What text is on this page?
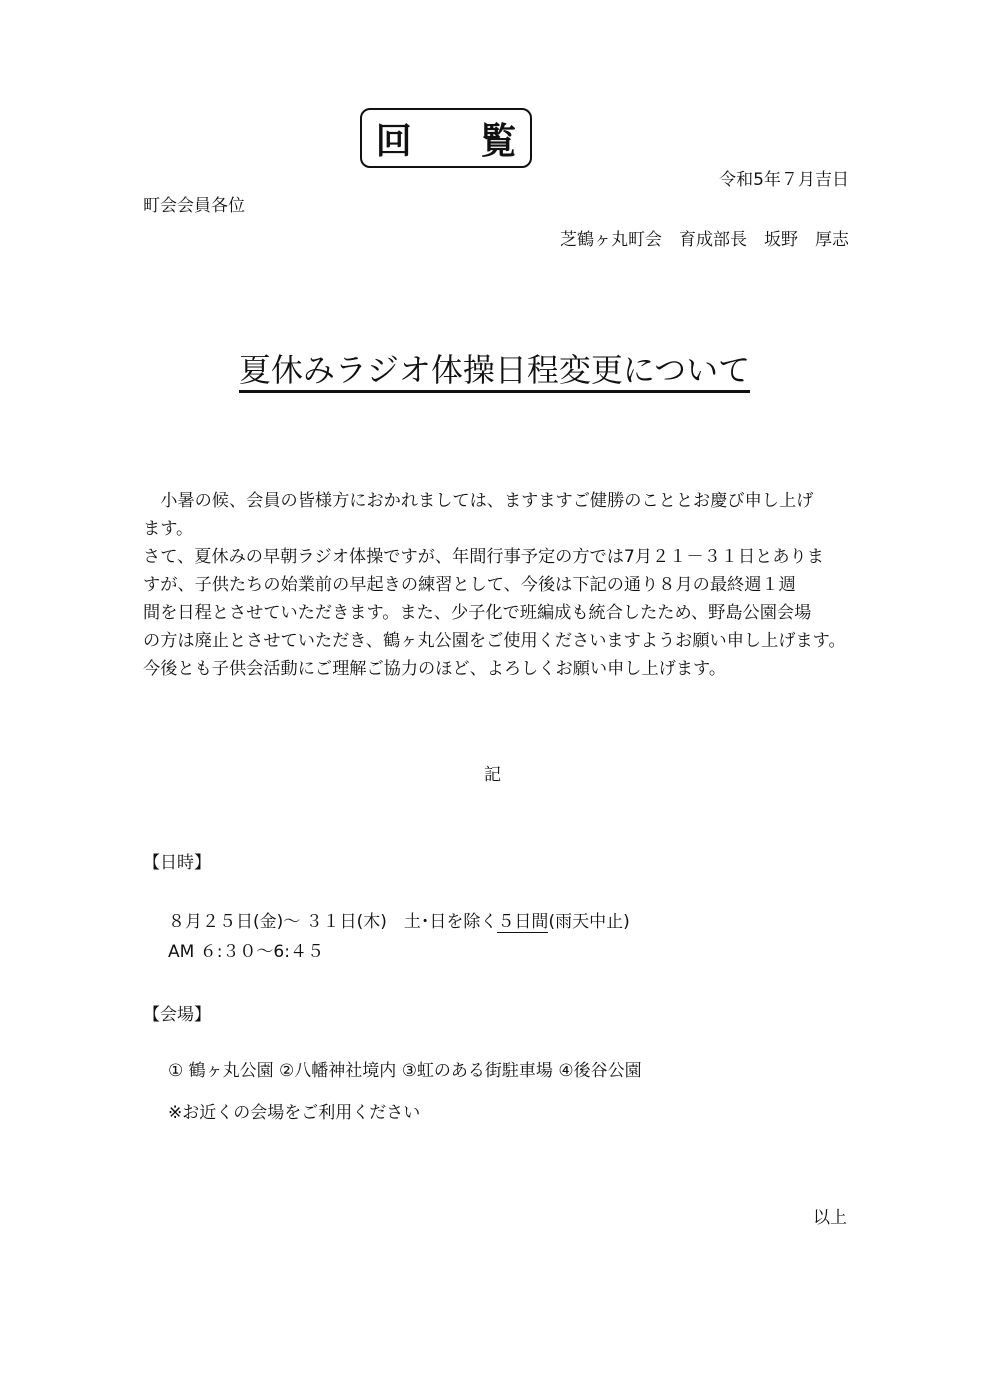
回 覧
令和5年７月吉日
町会会員各位
芝鶴ヶ丸町会　育成部長　坂野　厚志
夏休みラジオ体操日程変更について

　小暑の候、会員の皆様方におかれましては、ますますご健勝のこととお慶び申し上げ

ます。

さて、夏休みの早朝ラジオ体操ですが、年間行事予定の方では7月２１－３１日とありま

すが、子供たちの始業前の早起きの練習として、今後は下記の通り８月の最終週１週

間を日程とさせていただきます。また、少子化で班編成も統合したため、野島公園会場

の方は廃止とさせていただき、鶴ヶ丸公園をご使用くださいますようお願い申し上げます。

今後とも子供会活動にご理解ご協力のほど、よろしくお願い申し上げます。

記
【日時】
８月２５日(金)～ ３１日(木)　土･日を除く５日間(雨天中止)
AM ６:３０～6:４５
【会場】
① 鶴ヶ丸公園 ②八幡神社境内 ③虹のある街駐車場 ④後谷公園
※お近くの会場をご利用ください
以上
